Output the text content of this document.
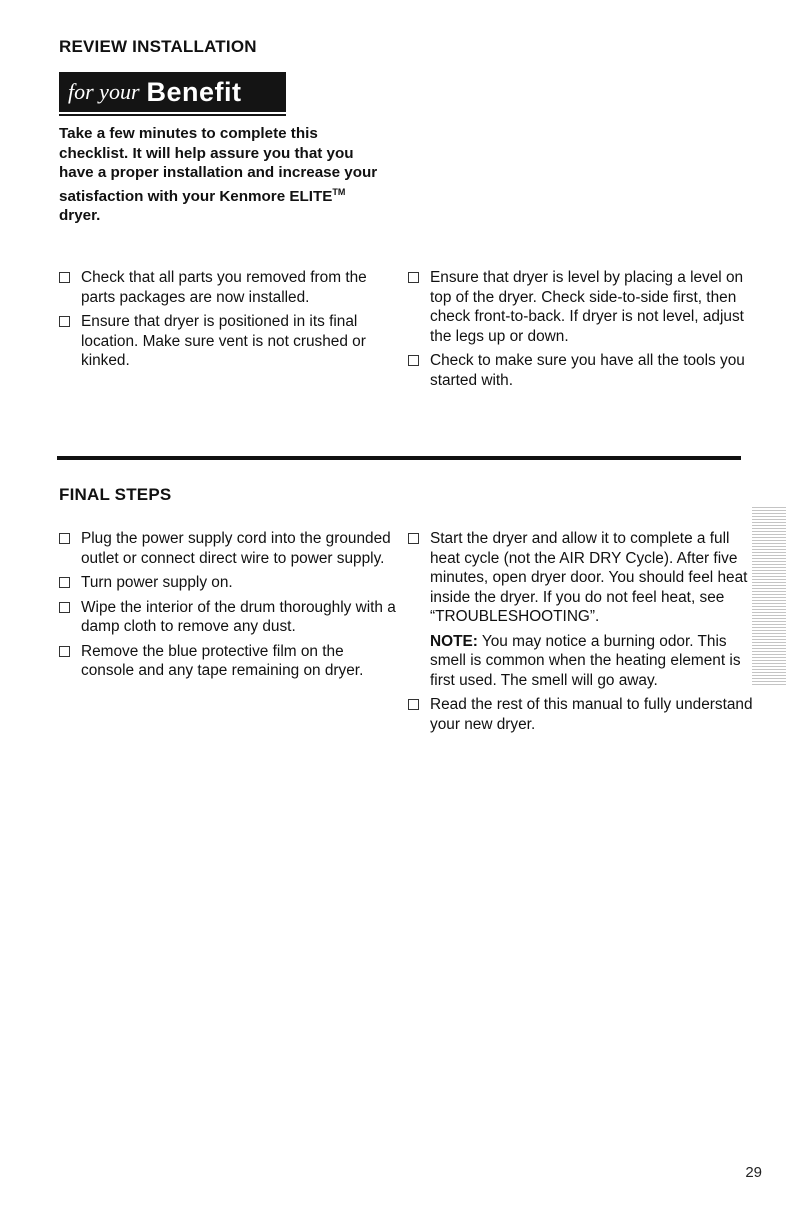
REVIEW INSTALLATION
for your Benefit

Take a few minutes to complete this checklist. It will help assure you that you have a proper installation and increase your satisfaction with your Kenmore ELITE™ dryer.

Check that all parts you removed from the parts packages are now installed.
Ensure that dryer is positioned in its final location. Make sure vent is not crushed or kinked.
Ensure that dryer is level by placing a level on top of the dryer. Check side-to-side first, then check front-to-back. If dryer is not level, adjust the legs up or down.
Check to make sure you have all the tools you started with.
FINAL STEPS
Plug the power supply cord into the grounded outlet or connect direct wire to power supply.
Turn power supply on.
Wipe the interior of the drum thoroughly with a damp cloth to remove any dust.
Remove the blue protective film on the console and any tape remaining on dryer.
Start the dryer and allow it to complete a full heat cycle (not the AIR DRY Cycle). After five minutes, open dryer door. You should feel heat inside the dryer. If you do not feel heat, see “TROUBLESHOOTING”.
NOTE: You may notice a burning odor. This smell is common when the heating element is first used. The smell will go away.
Read the rest of this manual to fully understand your new dryer.

29
